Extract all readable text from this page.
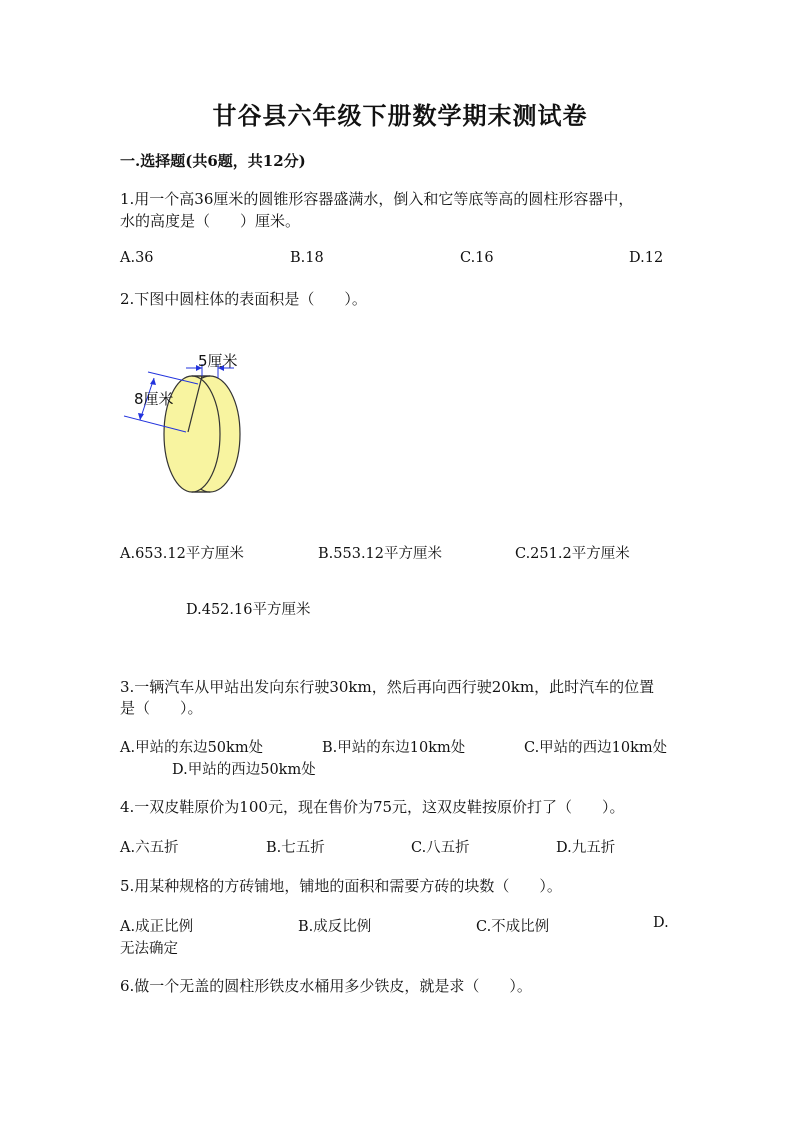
甘谷县六年级下册数学期末测试卷
一.选择题(共6题，共12分)
1.用一个高36厘米的圆锥形容器盛满水，倒入和它等底等高的圆柱形容器中，
水的高度是（　　）厘米。
A.36	B.18	C.16	D.12
2.下图中圆柱体的表面积是（　　）。
5厘米
8厘米
A.653.12平方厘米	B.553.12平方厘米	C.251.2平方厘米
D.452.16平方厘米
3.一辆汽车从甲站出发向东行驶30km，然后再向西行驶20km，此时汽车的位置
是（　　）。
A.甲站的东边50km处	B.甲站的东边10km处	C.甲站的西边10km处
D.甲站的西边50km处
4.一双皮鞋原价为100元，现在售价为75元，这双皮鞋按原价打了（　　）。
A.六五折	B.七五折	C.八五折	D.九五折
5.用某种规格的方砖铺地，铺地的面积和需要方砖的块数（　　）。
A.成正比例	B.成反比例	C.不成比例	D.
无法确定
6.做一个无盖的圆柱形铁皮水桶用多少铁皮，就是求（　　）。
